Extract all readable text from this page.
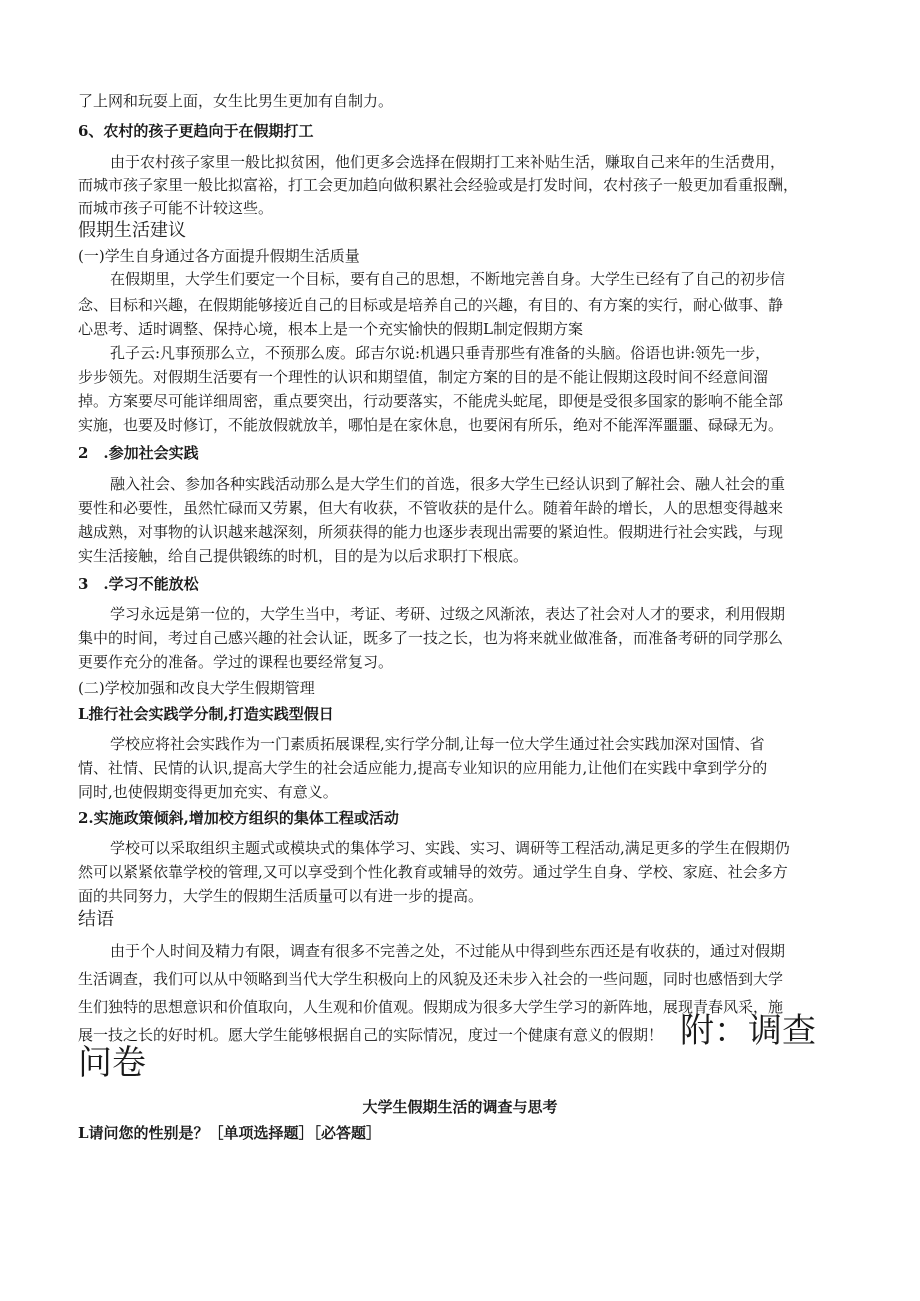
了上网和玩耍上面，女生比男生更加有自制力。
6、农村的孩子更趋向于在假期打工
由于农村孩子家里一般比拟贫困，他们更多会选择在假期打工来补贴生活，赚取自己来年的生活费用，
而城市孩子家里一般比拟富裕，打工会更加趋向做积累社会经验或是打发时间，农村孩子一般更加看重报酬，
而城市孩子可能不计较这些。
假期生活建议
(一)学生自身通过各方面提升假期生活质量
在假期里，大学生们要定一个目标，要有自己的思想，不断地完善自身。大学生已经有了自己的初步信
念、目标和兴趣，在假期能够接近自己的目标或是培养自己的兴趣，有目的、有方案的实行，耐心做事、静
心思考、适时调整、保持心境，根本上是一个充实愉快的假期L制定假期方案
孔子云:凡事预那么立，不预那么废。邱吉尔说:机遇只垂青那些有准备的头脑。俗语也讲:领先一步，
步步领先。对假期生活要有一个理性的认识和期望值，制定方案的目的是不能让假期这段时间不经意间溜
掉。方案要尽可能详细周密，重点要突出，行动要落实，不能虎头蛇尾，即便是受很多国家的影响不能全部
实施，也要及时修订，不能放假就放羊，哪怕是在家休息，也要闲有所乐，绝对不能浑浑噩噩、碌碌无为。
2　.参加社会实践
融入社会、参加各种实践活动那么是大学生们的首选，很多大学生已经认识到了解社会、融人社会的重
要性和必要性，虽然忙碌而又劳累，但大有收获，不管收获的是什么。随着年龄的增长，人的思想变得越来
越成熟，对事物的认识越来越深刻，所须获得的能力也逐步表现出需要的紧迫性。假期进行社会实践，与现
实生活接触，给自己提供锻练的时机，目的是为以后求职打下根底。
3　.学习不能放松
学习永远是第一位的，大学生当中，考证、考研、过级之风渐浓，表达了社会对人才的要求，利用假期
集中的时间，考过自己感兴趣的社会认证，既多了一技之长，也为将来就业做准备，而准备考研的同学那么
更要作充分的准备。学过的课程也要经常复习。
(二)学校加强和改良大学生假期管理
L推行社会实践学分制,打造实践型假日
学校应将社会实践作为一门素质拓展课程,实行学分制,让每一位大学生通过社会实践加深对国情、省
情、社情、民情的认识,提高大学生的社会适应能力,提高专业知识的应用能力,让他们在实践中拿到学分的
同时,也使假期变得更加充实、有意义。
2.实施政策倾斜,增加校方组织的集体工程或活动
学校可以采取组织主题式或模块式的集体学习、实践、实习、调研等工程活动,满足更多的学生在假期仍
然可以紧紧依靠学校的管理,又可以享受到个性化教育或辅导的效劳。通过学生自身、学校、家庭、社会多方
面的共同努力，大学生的假期生活质量可以有进一步的提高。
结语
由于个人时间及精力有限，调查有很多不完善之处，不过能从中得到些东西还是有收获的，通过对假期
生活调查，我们可以从中领略到当代大学生积极向上的风貌及还未步入社会的一些问题，同时也感悟到大学
生们独特的思想意识和价值取向，人生观和价值观。假期成为很多大学生学习的新阵地，展现青春风采，施
展一技之长的好时机。愿大学生能够根据自己的实际情况，度过一个健康有意义的假期！ 附：调查
问卷
大学生假期生活的调查与思考
L请问您的性别是？［单项选择题］［必答题］
